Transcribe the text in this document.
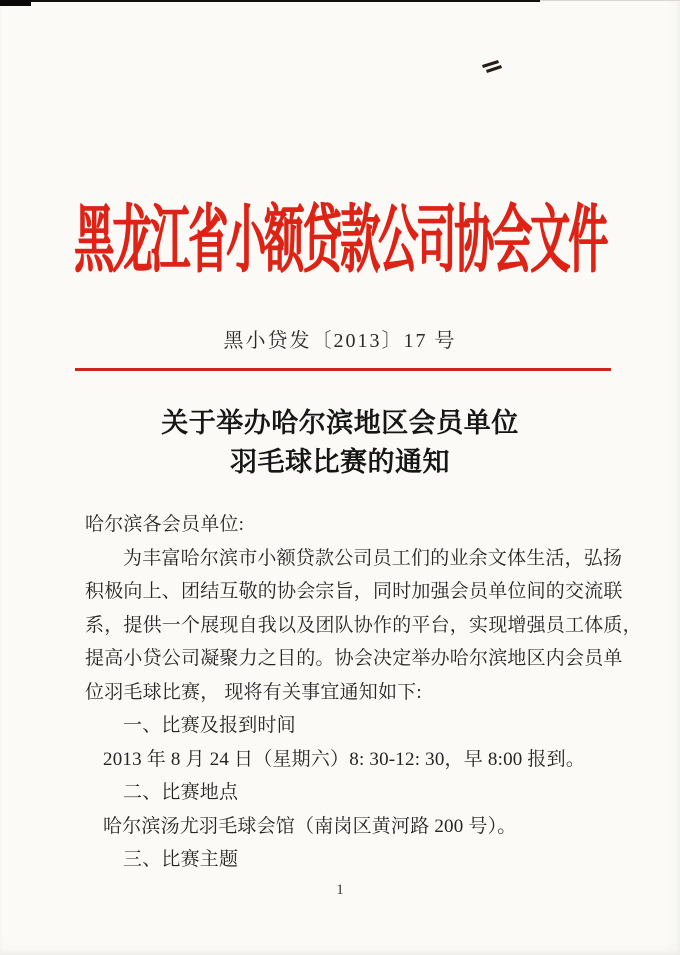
黑龙江省小额贷款公司协会文件
黑小贷发〔2013〕17 号
关于举办哈尔滨地区会员单位
羽毛球比赛的通知
哈尔滨各会员单位:
为丰富哈尔滨市小额贷款公司员工们的业余文体生活，弘扬
积极向上、团结互敬的协会宗旨，同时加强会员单位间的交流联
系，提供一个展现自我以及团队协作的平台，实现增强员工体质，
提高小贷公司凝聚力之目的。协会决定举办哈尔滨地区内会员单
位羽毛球比赛， 现将有关事宜通知如下:
一、比赛及报到时间
2013 年 8 月 24 日（星期六）8: 30-12: 30，早 8:00 报到。
二、比赛地点
哈尔滨汤尤羽毛球会馆（南岗区黄河路 200 号）。
三、比赛主题
1
